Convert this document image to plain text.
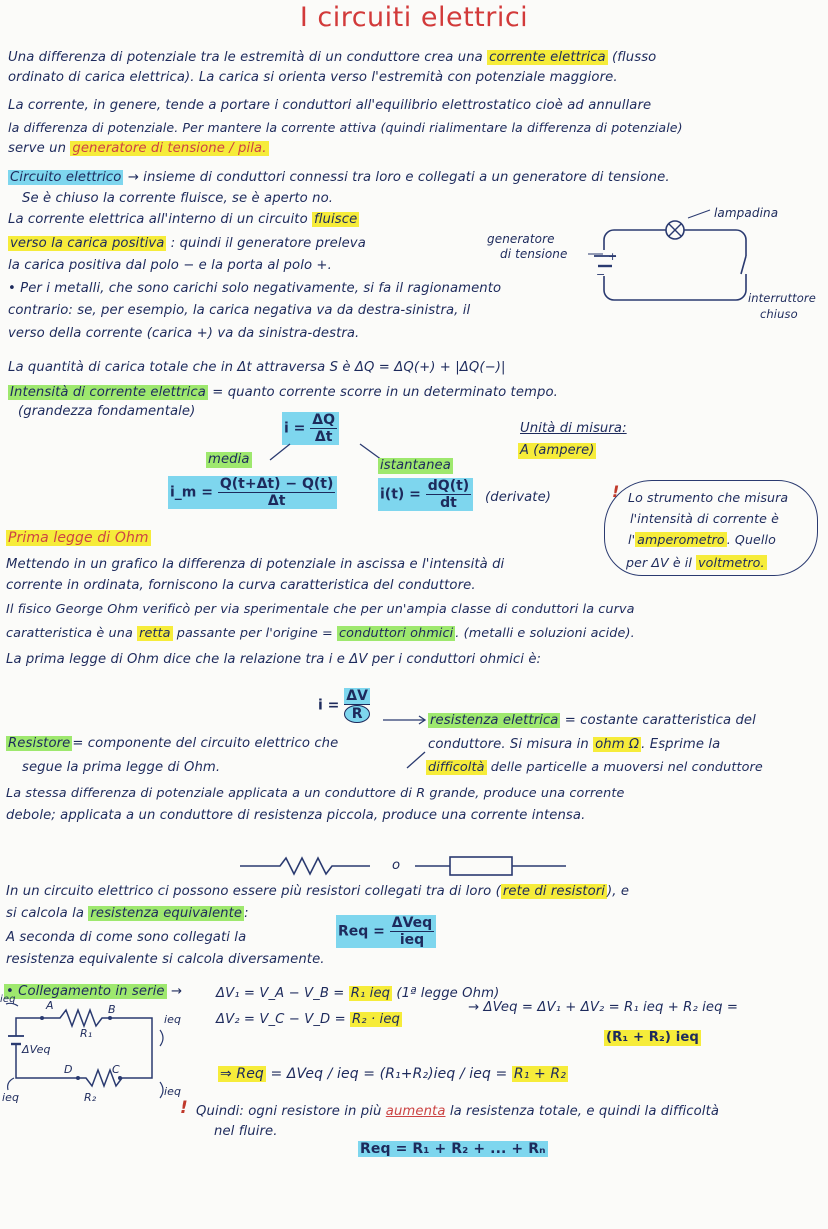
I circuiti elettrici
Una differenza di potenziale tra le estremità di un conduttore crea una corrente elettrica (flusso
ordinato di carica elettrica). La carica si orienta verso l'estremità con potenziale maggiore.
La corrente, in genere, tende a portare i conduttori all'equilibrio elettrostatico cioè ad annullare
la differenza di potenziale. Per mantere la corrente attiva (quindi rialimentare la differenza di potenziale)
serve un generatore di tensione / pila.
Circuito elettrico → insieme di conduttori connessi tra loro e collegati a un generatore di tensione.
Se è chiuso la corrente fluisce, se è aperto no.
La corrente elettrica all'interno di un circuito fluisce
verso la carica positiva : quindi il generatore preleva
la carica positiva dal polo − e la porta al polo +.
• Per i metalli, che sono carichi solo negativamente, si fa il ragionamento
contrario: se, per esempio, la carica negativa va da destra-sinistra, il
verso della corrente (carica +) va da sinistra-destra.
+
−
lampadina
generatore
di tensione
interruttore
chiuso
La quantità di carica totale che in Δt attraversa S è ΔQ = ΔQ(+) + |ΔQ(−)|
Intensità di corrente elettrica = quanto corrente scorre in un determinato tempo.
(grandezza fondamentale)
$i = \frac{\Delta Q}{\Delta t}$	Unità di misura:
A (ampere)
media	istantanea
i_m = $\frac{Q(t+\Delta t) - Q(t)}{\Delta t}$	$i(t) = \frac{dQ(t)}{dt}$ (derivate)	! Lo strumento che misura
l'intensità di corrente è
l' amperometro . Quello
per ΔV è il voltmetro.
Prima legge di Ohm
Mettendo in un grafico la differenza di potenziale in ascissa e l'intensità di
corrente in ordinata, forniscono la curva caratteristica del conduttore.
Il fisico George Ohm verificò per via sperimentale che per un'ampia classe di conduttori la curva
caratteristica è una retta passante per l'origine = conduttori ohmici . (metalli e soluzioni acide).
La prima legge di Ohm dice che la relazione tra i e ΔV per i conduttori ohmici è:
$i = \frac{\Delta V}{R}$	resistenza elettrica = costante caratteristica del
conduttore. Si misura in ohm Ω . Esprime la
difficoltà delle particelle a muoversi nel conduttore
Resistore = componente del circuito elettrico che
segue la prima legge di Ohm.
La stessa differenza di potenziale applicata a un conduttore di R grande, produce una corrente
debole; applicata a un conduttore di resistenza piccola, produce una corrente intensa.
o
In un circuito elettrico ci possono essere più resistori collegati tra di loro ( rete di resistori ), e
si calcola la resistenza equivalente :
A seconda di come sono collegati la
resistenza equivalente si calcola diversamente.
Req = $\frac{\text{ΔVeq}}{\text{ieq}}$
• Collegamento in serie →	ΔV₁ = V_A − V_B = R₁ ieq (1ª legge Ohm)
ΔV₂ = V_C − V_D = R₂ · ieq
→ ΔVeq = ΔV₁ + ΔV₂ = R₁ ieq + R₂ ieq =
(R₁ + R₂) ieq
⇒ Req = ΔVeq / ieq = (R₁+R₂)ieq / ieq = R₁ + R₂
A	B
R₁
C
D
R₂
ieq
ieq
ieq
ieq
ΔVeq
! Quindi: ogni resistore in più aumenta la resistenza totale, e quindi la difficoltà
nel fluire.
Req = R₁ + R₂ + ... + Rₙ
